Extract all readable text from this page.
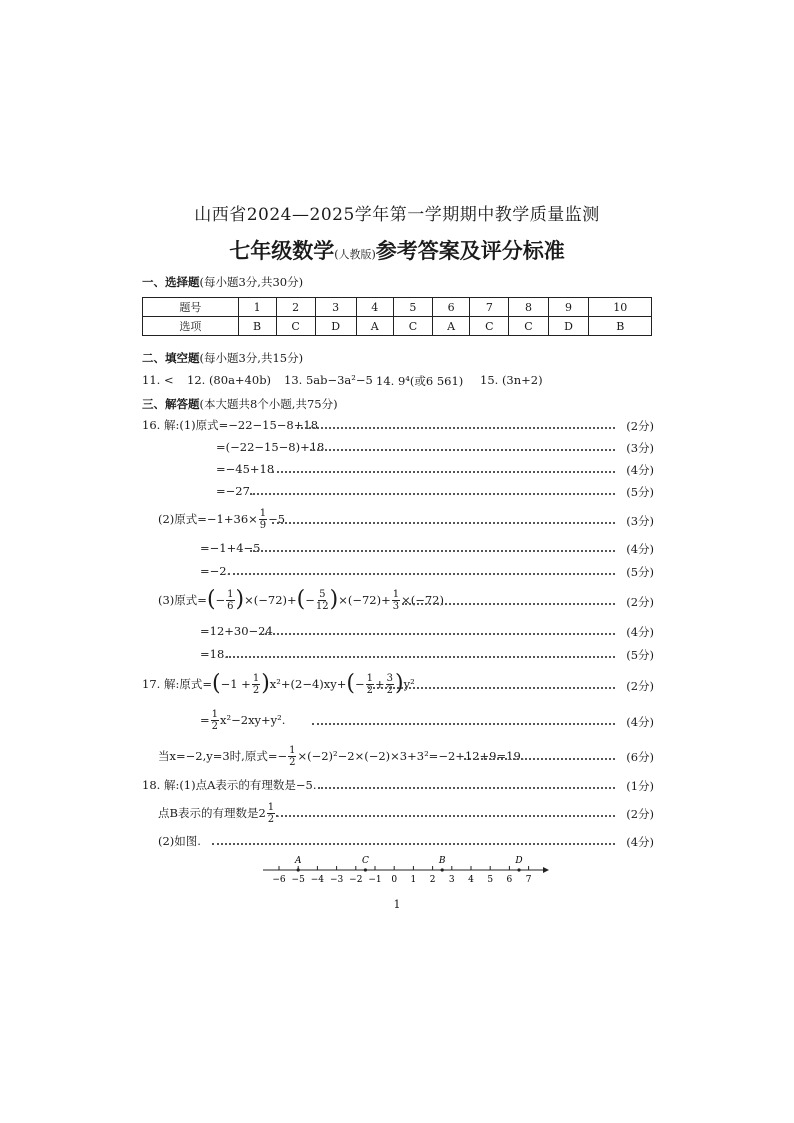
山西省2024—2025学年第一学期期中教学质量监测
七年级数学(人教版)参考答案及评分标准
一、选择题(每小题3分,共30分)
题号	1	2	3	4	5	6	7	8	9	10
选项	B	C	D	A	C	A	C	C	D	B
二、填空题(每小题3分,共15分)
11. < 12. (80a+40b) 13. 5ab−3a²−5 14. 9⁴(或6 561) 15. (3n+2)
三、解答题(本大题共8个小题,共75分)
16. 解: (1)原式=−22−15−8+18	(2分)
=(−22−15−8)+18	(3分)
=−45+18	(4分)
=−27.	(5分)
(2)原式$=-1+36\times \frac{1}{9} -5$	(3分)
=−1+4−5	(4分)
=−2.	(5分)
(3)原式= ( − $\frac{1}{6}$ ) ×(−72)+ ( − $\frac{5}{12}$ ) $\times(-72)+ \frac{1}{3} \times(-72)$	(2分)
=12+30−24	(4分)
=18.	(5分)
17. 解:原式= ( $-1 + \frac{1}{2}$ ) x²+(2−4)xy+ ( − $\frac{1}{2} + \frac{3}{2}$ ) y²	(2分)
= $\frac{1}{2} x^2-2xy+y^2$.	(4分)
当x=−2,y=3时,原式=− $\frac{1}{2} \times(-2)^2-2\times(-2)\times 3+3^2=-2+12+9=19$.	(6分)
18. 解:(1)点A表示的有理数是−5.	(1分)
点B表示的有理数是$2 \frac{1}{2}$ .	(2分)
(2)如图.	(4分)
−6 −5 −4 −3 −2 −1 0 1 2 3 4 5 6 7
A	C	B	D
1
